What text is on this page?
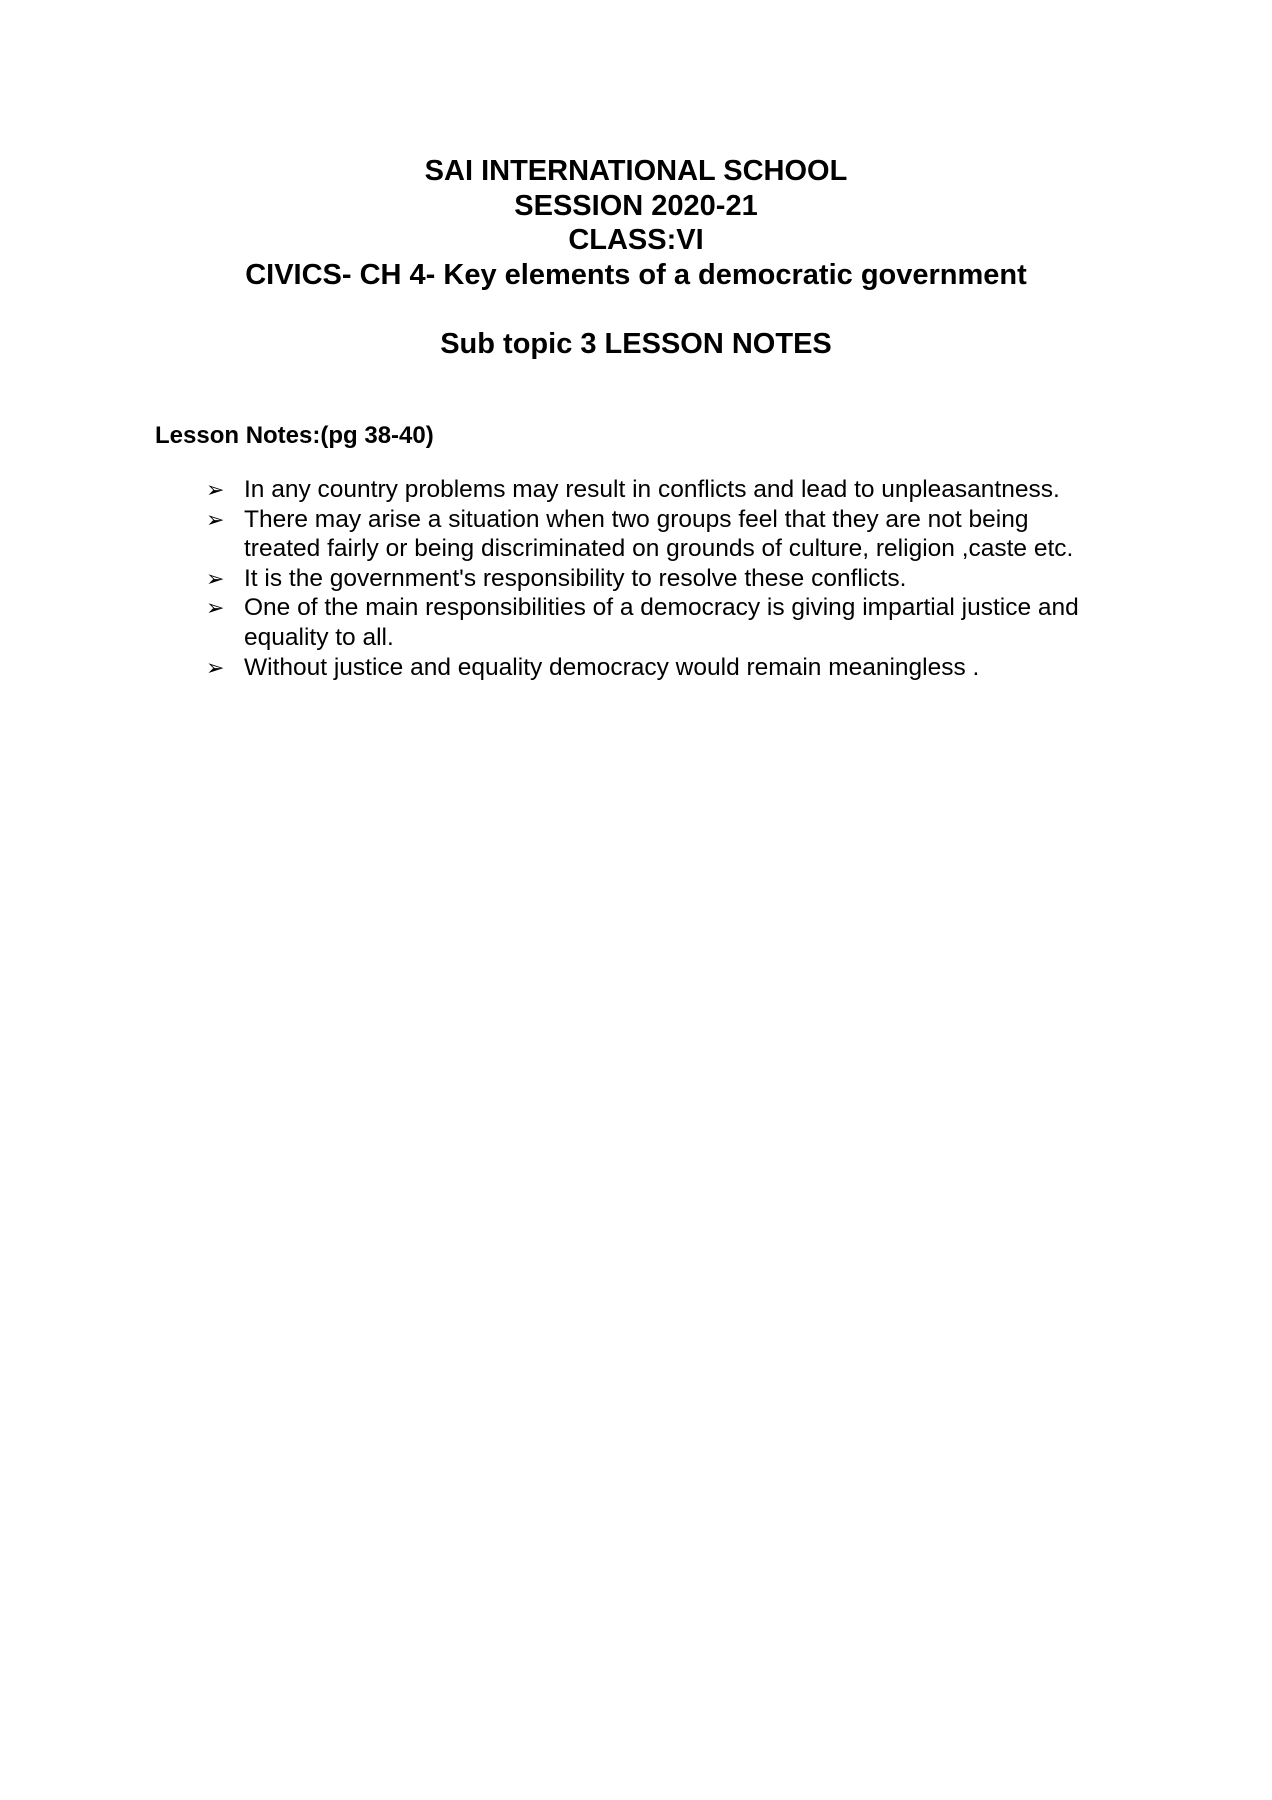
SAI INTERNATIONAL SCHOOL
SESSION 2020-21
CLASS:VI
CIVICS- CH 4- Key elements of a democratic government
Sub topic 3 LESSON NOTES
Lesson Notes:(pg 38-40)
➢ In any country problems may result in conflicts and lead to unpleasantness.
➢ There may arise a situation when two groups feel that they are not being
treated fairly or being discriminated on grounds of culture, religion ,caste etc.
➢ It is the government's responsibility to resolve these conflicts.
➢ One of the main responsibilities of a democracy is giving impartial justice and
equality to all.
➢ Without justice and equality democracy would remain meaningless .
